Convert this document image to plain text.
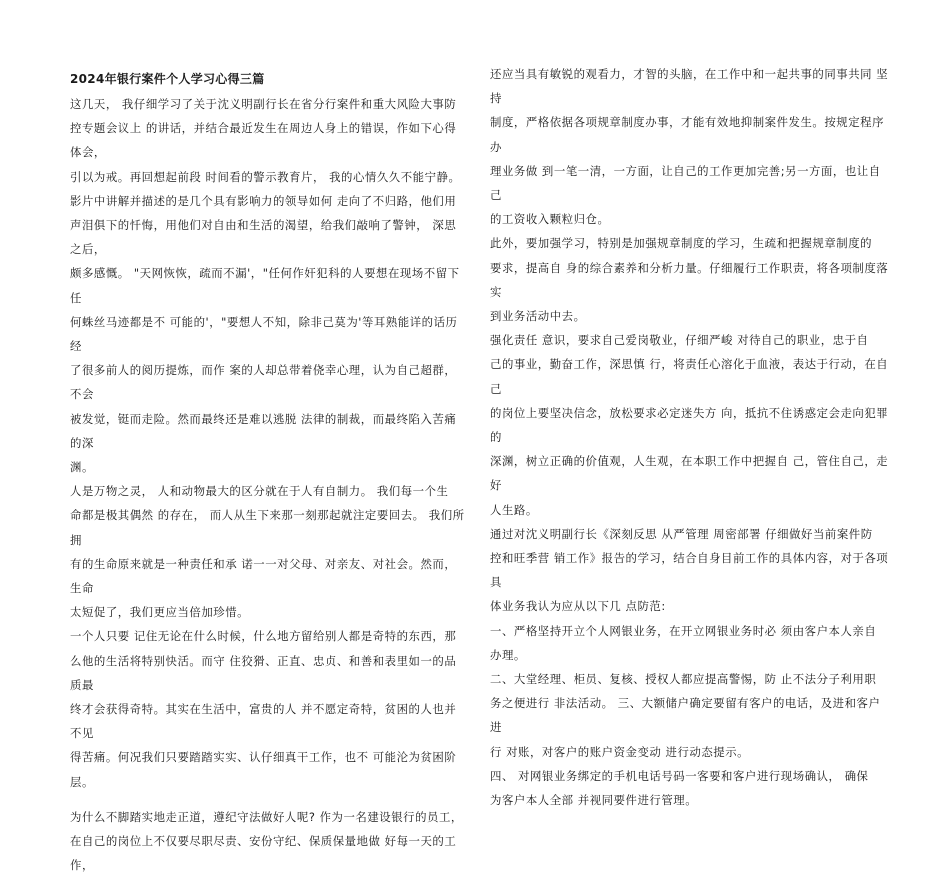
2024年银行案件个人学习心得三篇

这几天， 我仔细学习了关于沈义明副行长在省分行案件和重大风险大事防
控专题会议上 的讲话，并结合最近发生在周边人身上的错误，作如下心得体会，
引以为戒。再回想起前段 时间看的警示教育片， 我的心情久久不能宁静。

影片中讲解并描述的是几个具有影响力的领导如何 走向了不归路，他们用
声泪俱下的忏悔，用他们对自由和生活的渴望，给我们敲响了警钟， 深思之后，
颇多感慨。 "天网恢恢，疏而不漏'，"任何作奸犯科的人要想在现场不留下任
何蛛丝马迹都是不 可能的'，"要想人不知，除非己莫为'等耳熟能详的话历经
了很多前人的阅历提炼，而作 案的人却总带着侥幸心理，认为自己超群，不会
被发觉，铤而走险。然而最终还是难以逃脱 法律的制裁，而最终陷入苦痛的深
渊。

人是万物之灵， 人和动物最大的区分就在于人有自制力。 我们每一个生
命都是极其偶然 的存在， 而人从生下来那一刻那起就注定要回去。 我们所拥
有的生命原来就是一种责任和承 诺一一对父母、对亲友、对社会。然而，生命
太短促了，我们更应当倍加珍惜。

一个人只要 记住无论在什么时候，什么地方留给别人都是奇特的东西，那
么他的生活将特别快活。而守 住狡猾、正直、忠贞、和善和表里如一的品质最
终才会获得奇特。其实在生活中，富贵的人 并不愿定奇特，贫困的人也并不见
得苦痛。何况我们只要踏踏实实、认仔细真干工作，也不 可能沦为贫困阶层。

为什么不脚踏实地走正道，遵纪守法做好人呢? 作为一名建设银行的员工，
在自己的岗位上不仅要尽职尽责、安份守纪、保质保量地做 好每一天的工作，

还应当具有敏锐的观看力，才智的头脑，在工作中和一起共事的同事共同 坚持
制度，严格依据各项规章制度办事，才能有效地抑制案件发生。按规定程序办
理业务做 到一笔一清，一方面，让自己的工作更加完善;另一方面，也让自己
的工资收入颗粒归仓。

此外，要加强学习，特别是加强规章制度的学习，生疏和把握规章制度的
要求，提高自 身的综合素养和分析力量。仔细履行工作职责，将各项制度落实
到业务活动中去。

强化责任 意识，要求自己爱岗敬业，仔细严峻 对待自己的职业，忠于自
己的事业，勤奋工作，深思慎 行，将责任心溶化于血液，表达于行动，在自己
的岗位上要坚决信念，放松要求必定迷失方 向，抵抗不住诱惑定会走向犯罪的
深渊，树立正确的价值观，人生观，在本职工作中把握自 己，管住自己，走好
人生路。

通过对沈义明副行长《深刻反思 从严管理 周密部署 仔细做好当前案件防
控和旺季营 销工作》报告的学习，结合自身目前工作的具体内容，对于各项具
体业务我认为应从以下几 点防范:

一、严格坚持开立个人网银业务，在开立网银业务时必 须由客户本人亲自
办理。

二、大堂经理、柜员、复核、授权人都应提高警惕，防 止不法分子利用职
务之便进行 非法活动。 三、大额储户确定要留有客户的电话，及进和客户进
行 对账，对客户的账户资金变动 进行动态提示。

四、 对网银业务绑定的手机电话号码一客要和客户进行现场确认， 确保
为客户本人全部 并视同要件进行管理。
